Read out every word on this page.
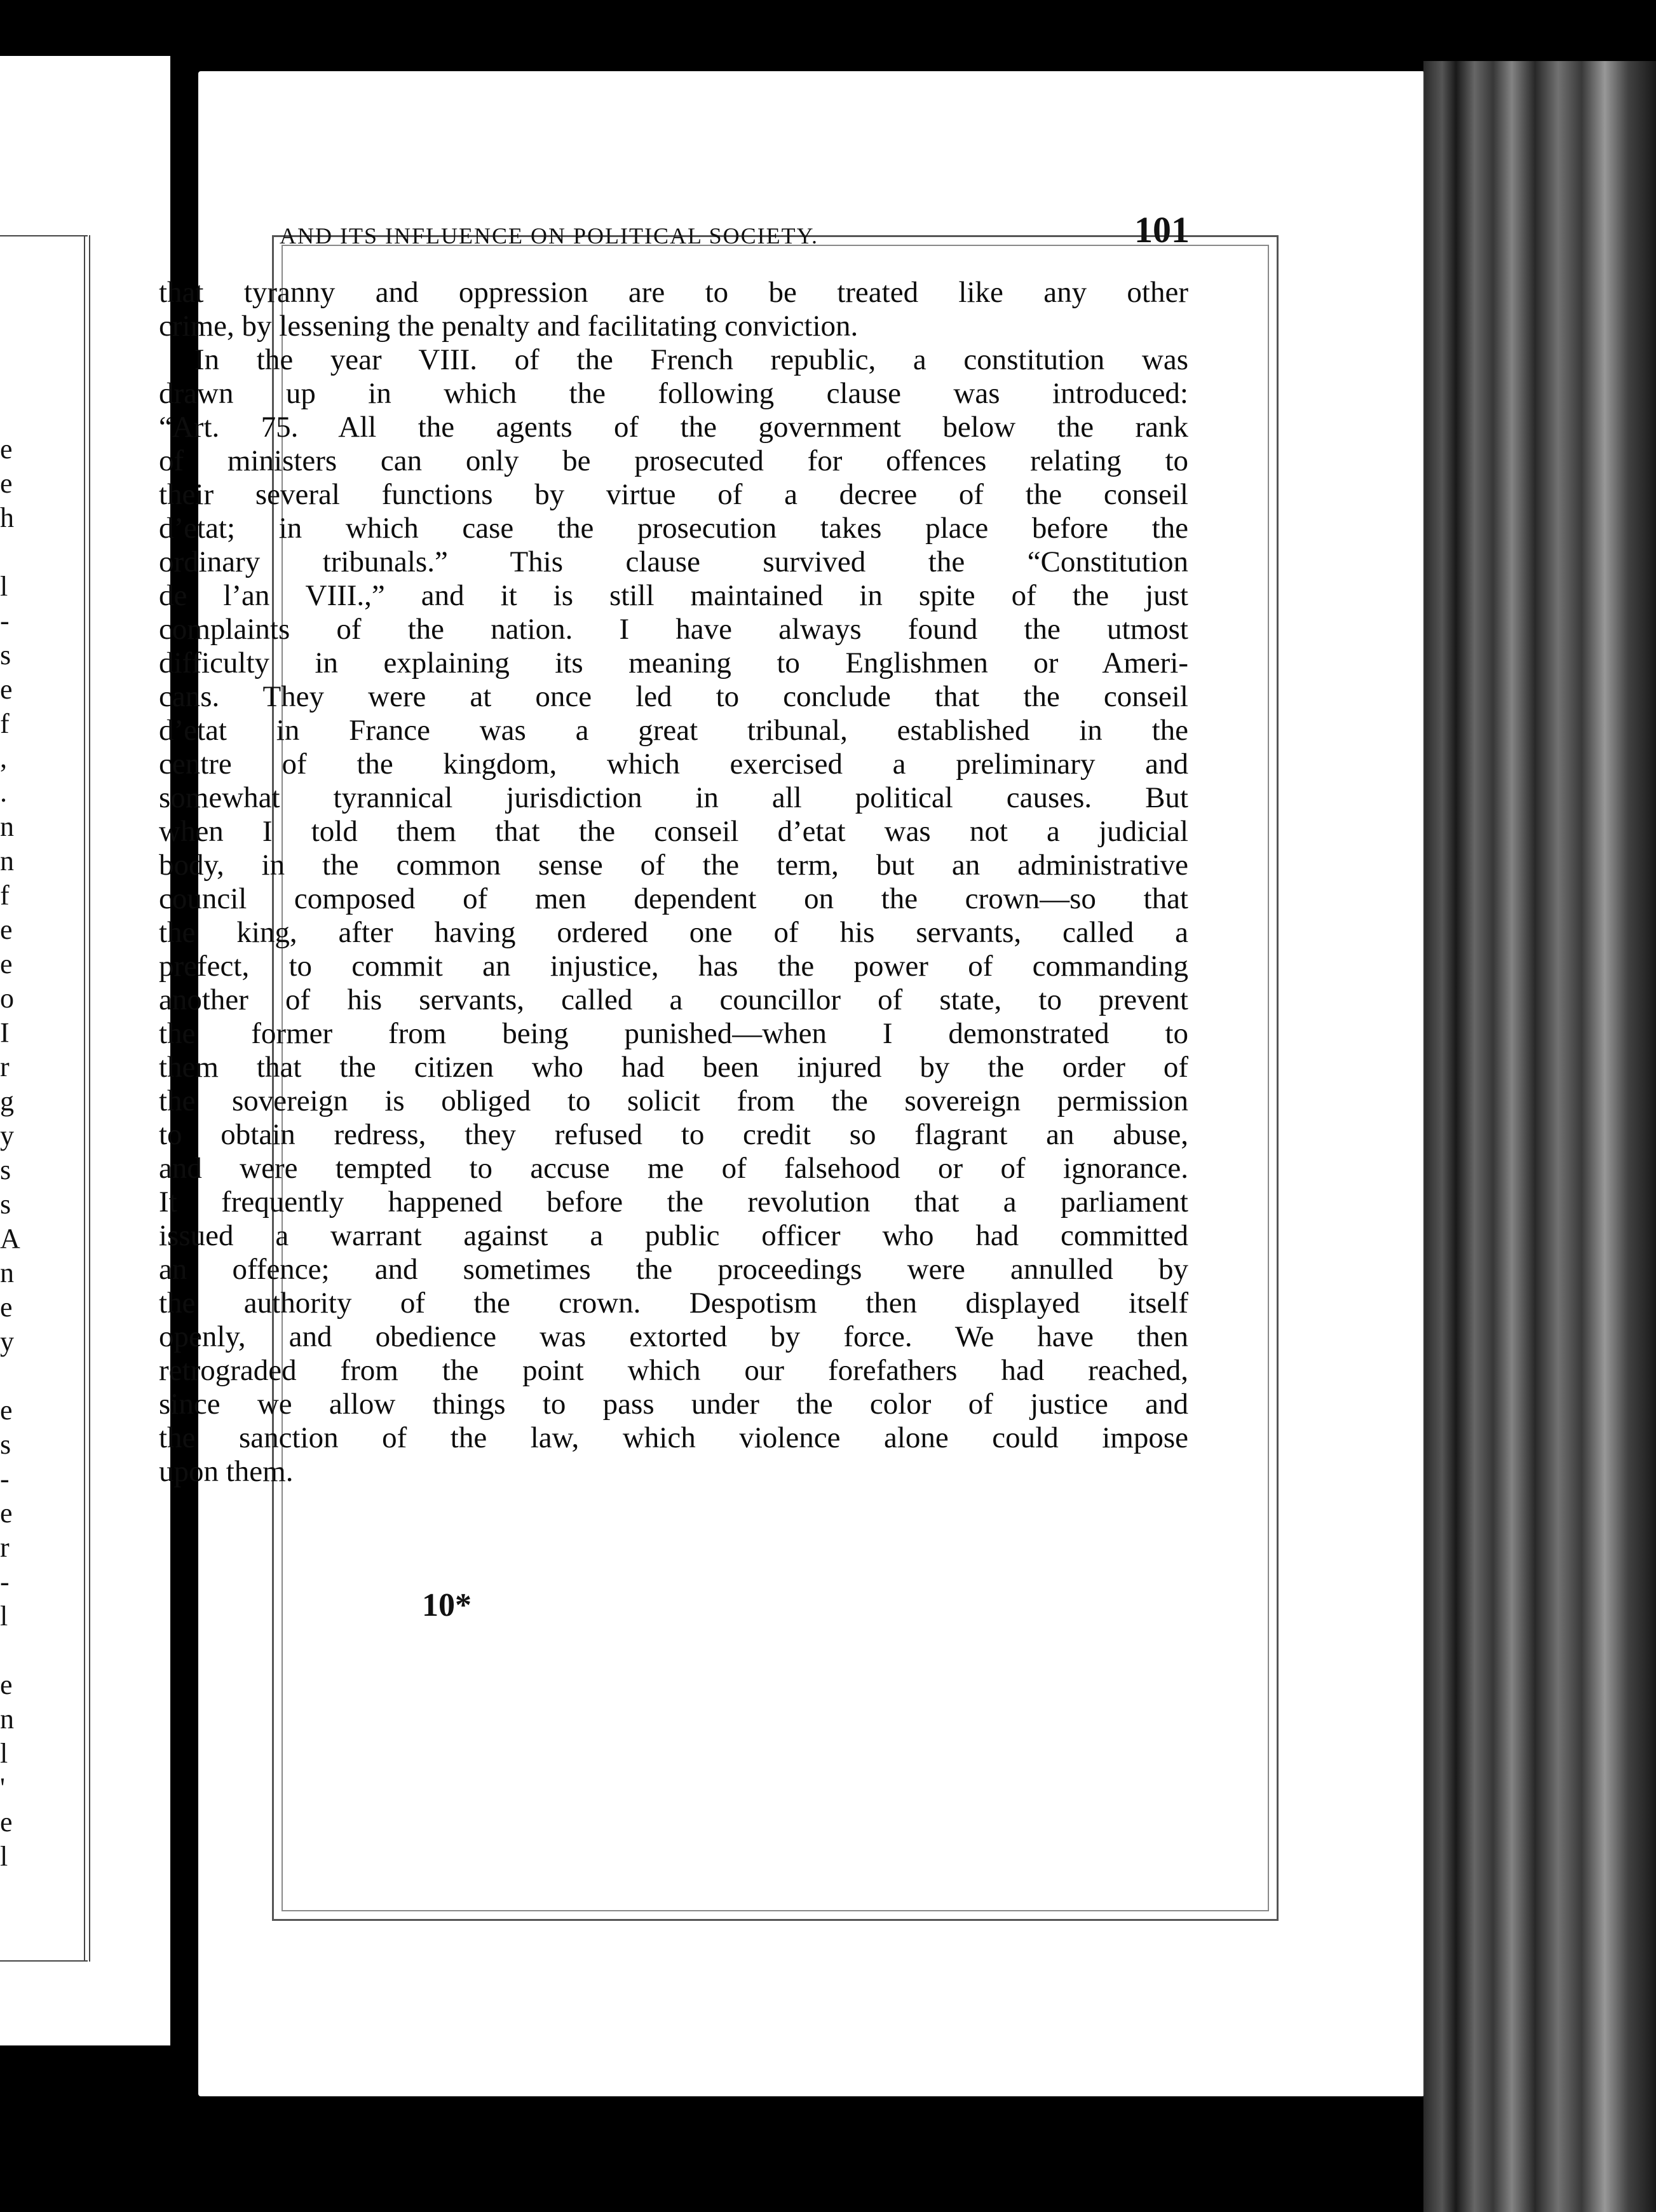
e
e
h
l
-
s
e
f
,
.
n
n
f
e
e
o
I
r
g
y
s
s
A
n
e
y
e
s
-
e
r
-
l
e
n
l
'
e
l
AND ITS INFLUENCE ON POLITICAL SOCIETY.	101
that tyranny and oppression are to be treated like any other
crime, by lessening the penalty and facilitating conviction.
In the year VIII. of the French republic, a constitution was
drawn up in which the following clause was introduced:
“Art. 75. All the agents of the government below the rank
of ministers can only be prosecuted for offences relating to
their several functions by virtue of a decree of the conseil
d’etat; in which case the prosecution takes place before the
ordinary tribunals.” This clause survived the “Constitution
de l’an VIII.,” and it is still maintained in spite of the just
complaints of the nation. I have always found the utmost
difficulty in explaining its meaning to Englishmen or Ameri-
cans. They were at once led to conclude that the conseil
d’etat in France was a great tribunal, established in the
centre of the kingdom, which exercised a preliminary and
somewhat tyrannical jurisdiction in all political causes. But
when I told them that the conseil d’etat was not a judicial
body, in the common sense of the term, but an administrative
council composed of men dependent on the crown—so that
the king, after having ordered one of his servants, called a
prefect, to commit an injustice, has the power of commanding
another of his servants, called a councillor of state, to prevent
the former from being punished—when I demonstrated to
them that the citizen who had been injured by the order of
the sovereign is obliged to solicit from the sovereign permission
to obtain redress, they refused to credit so flagrant an abuse,
and were tempted to accuse me of falsehood or of ignorance.
It frequently happened before the revolution that a parliament
issued a warrant against a public officer who had committed
an offence; and sometimes the proceedings were annulled by
the authority of the crown. Despotism then displayed itself
openly, and obedience was extorted by force. We have then
retrograded from the point which our forefathers had reached,
since we allow things to pass under the color of justice and
the sanction of the law, which violence alone could impose
upon them.
10*
